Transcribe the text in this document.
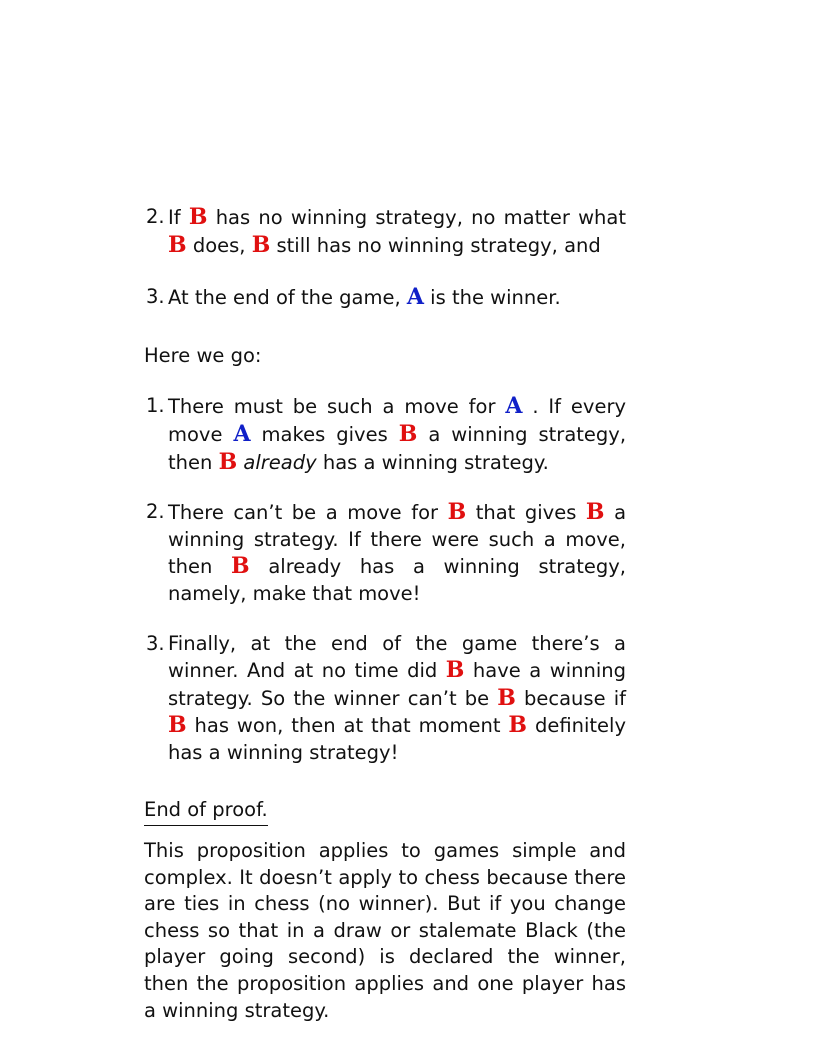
2. If B has no winning strategy, no matter what B does, B still has no winning strategy, and
3. At the end of the game, A is the winner.
Here we go:
1. There must be such a move for A . If every move A makes gives B a winning strategy, then B already has a winning strategy.
2. There can’t be a move for B that gives B a winning strategy. If there were such a move, then B already has a winning strategy, namely, make that move!
3. Finally, at the end of the game there’s a winner. And at no time did B have a winning strategy. So the winner can’t be B because if B has won, then at that moment B definitely has a winning strategy!
End of proof.
This proposition applies to games simple and complex. It doesn’t apply to chess because there are ties in chess (no winner). But if you change chess so that in a draw or stalemate Black (the player going second) is declared the winner, then the proposition applies and one player has a winning strategy.
